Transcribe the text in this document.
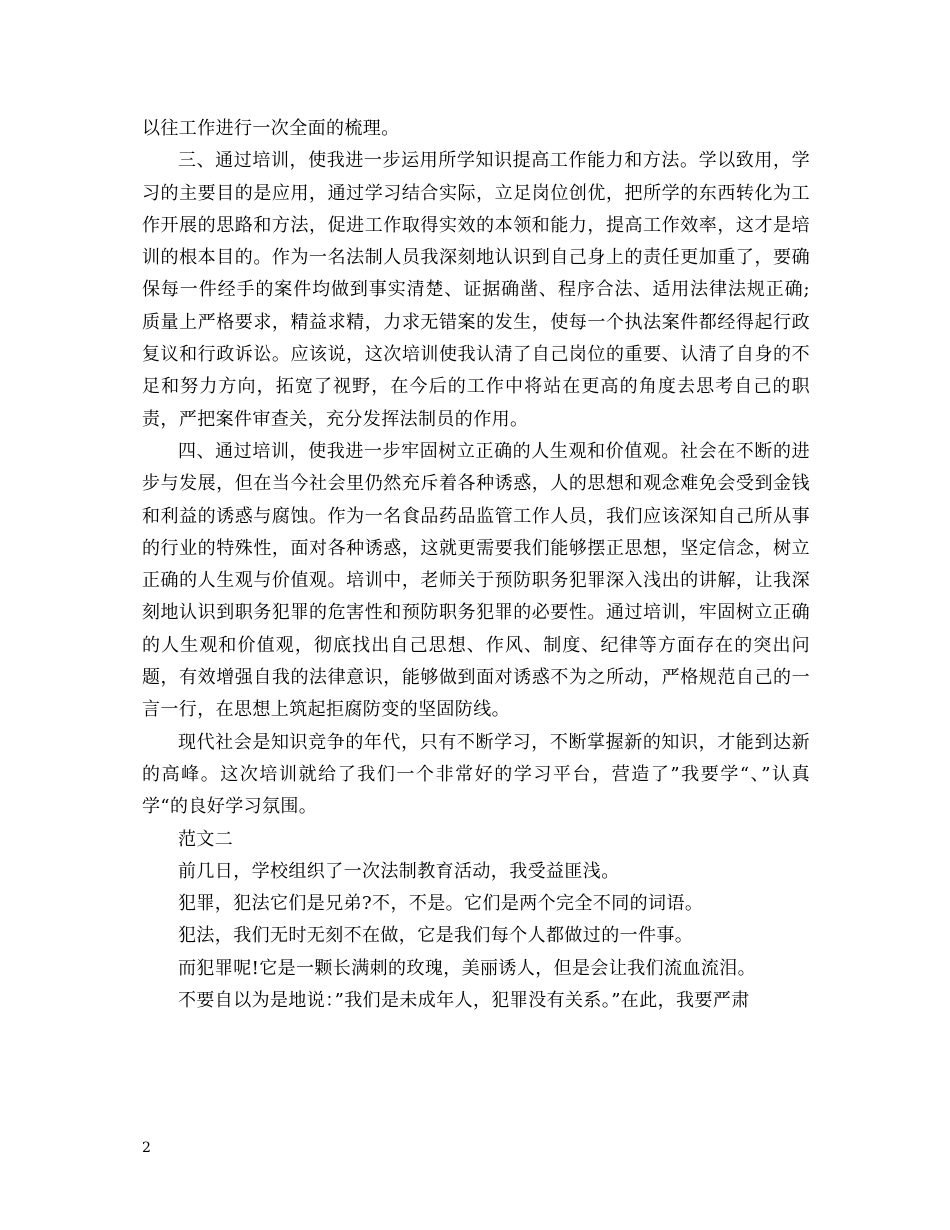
以往工作进行一次全面的梳理。

三、通过培训，使我进一步运用所学知识提高工作能力和方法。学以致用，学习的主要目的是应用，通过学习结合实际，立足岗位创优，把所学的东西转化为工作开展的思路和方法，促进工作取得实效的本领和能力，提高工作效率，这才是培训的根本目的。作为一名法制人员我深刻地认识到自己身上的责任更加重了，要确保每一件经手的案件均做到事实清楚、证据确凿、程序合法、适用法律法规正确;质量上严格要求，精益求精，力求无错案的发生，使每一个执法案件都经得起行政复议和行政诉讼。应该说，这次培训使我认清了自己岗位的重要、认清了自身的不足和努力方向，拓宽了视野，在今后的工作中将站在更高的角度去思考自己的职责，严把案件审查关，充分发挥法制员的作用。

四、通过培训，使我进一步牢固树立正确的人生观和价值观。社会在不断的进步与发展，但在当今社会里仍然充斥着各种诱惑，人的思想和观念难免会受到金钱和利益的诱惑与腐蚀。作为一名食品药品监管工作人员，我们应该深知自己所从事的行业的特殊性，面对各种诱惑，这就更需要我们能够摆正思想，坚定信念，树立正确的人生观与价值观。培训中，老师关于预防职务犯罪深入浅出的讲解，让我深刻地认识到职务犯罪的危害性和预防职务犯罪的必要性。通过培训，牢固树立正确的人生观和价值观，彻底找出自己思想、作风、制度、纪律等方面存在的突出问题，有效增强自我的法律意识，能够做到面对诱惑不为之所动，严格规范自己的一言一行，在思想上筑起拒腐防变的坚固防线。

现代社会是知识竞争的年代，只有不断学习，不断掌握新的知识，才能到达新的高峰。这次培训就给了我们一个非常好的学习平台，营造了”我要学“、”认真学“的良好学习氛围。

范文二

前几日，学校组织了一次法制教育活动，我受益匪浅。

犯罪，犯法它们是兄弟?不，不是。它们是两个完全不同的词语。

犯法，我们无时无刻不在做，它是我们每个人都做过的一件事。

而犯罪呢!它是一颗长满刺的玫瑰，美丽诱人，但是会让我们流血流泪。

不要自以为是地说：”我们是未成年人，犯罪没有关系。”在此，我要严肃

2
